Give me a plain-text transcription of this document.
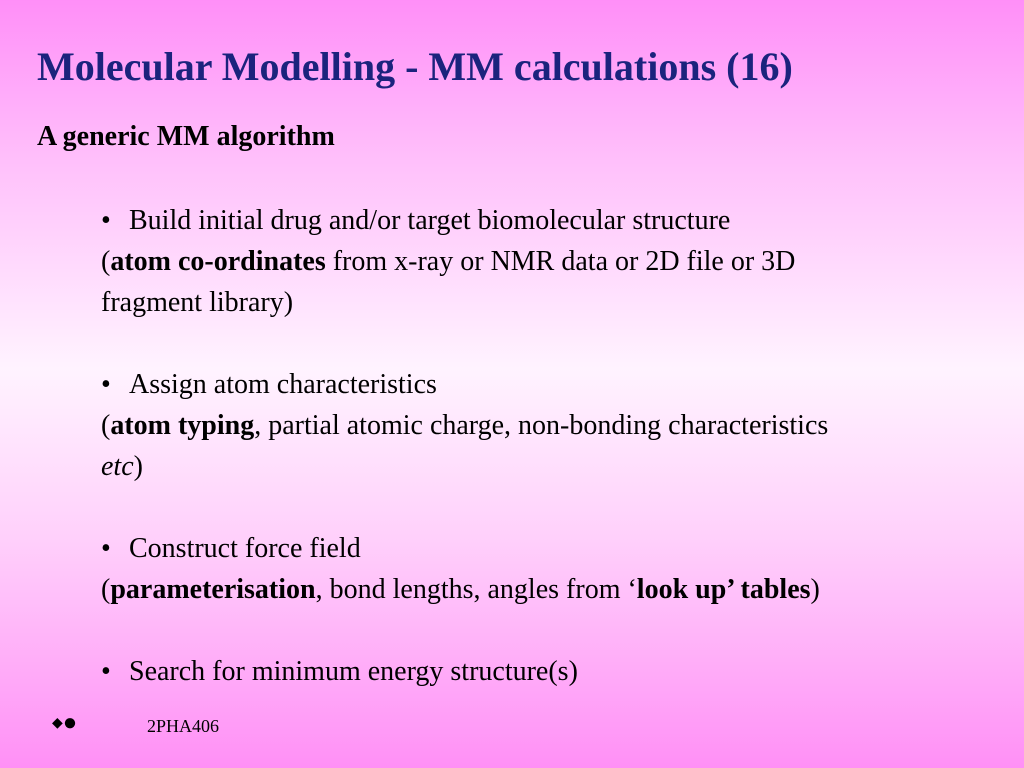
Molecular Modelling - MM calculations (16)
A generic MM algorithm
• Build initial drug and/or target biomolecular structure
(atom co-ordinates from x-ray or NMR data or 2D file or 3D
fragment library)
• Assign atom characteristics
(atom typing, partial atomic charge, non-bonding characteristics
etc)
• Construct force field
(parameterisation, bond lengths, angles from ‘look up’ tables)
• Search for minimum energy structure(s)
◆●	2PHA406
